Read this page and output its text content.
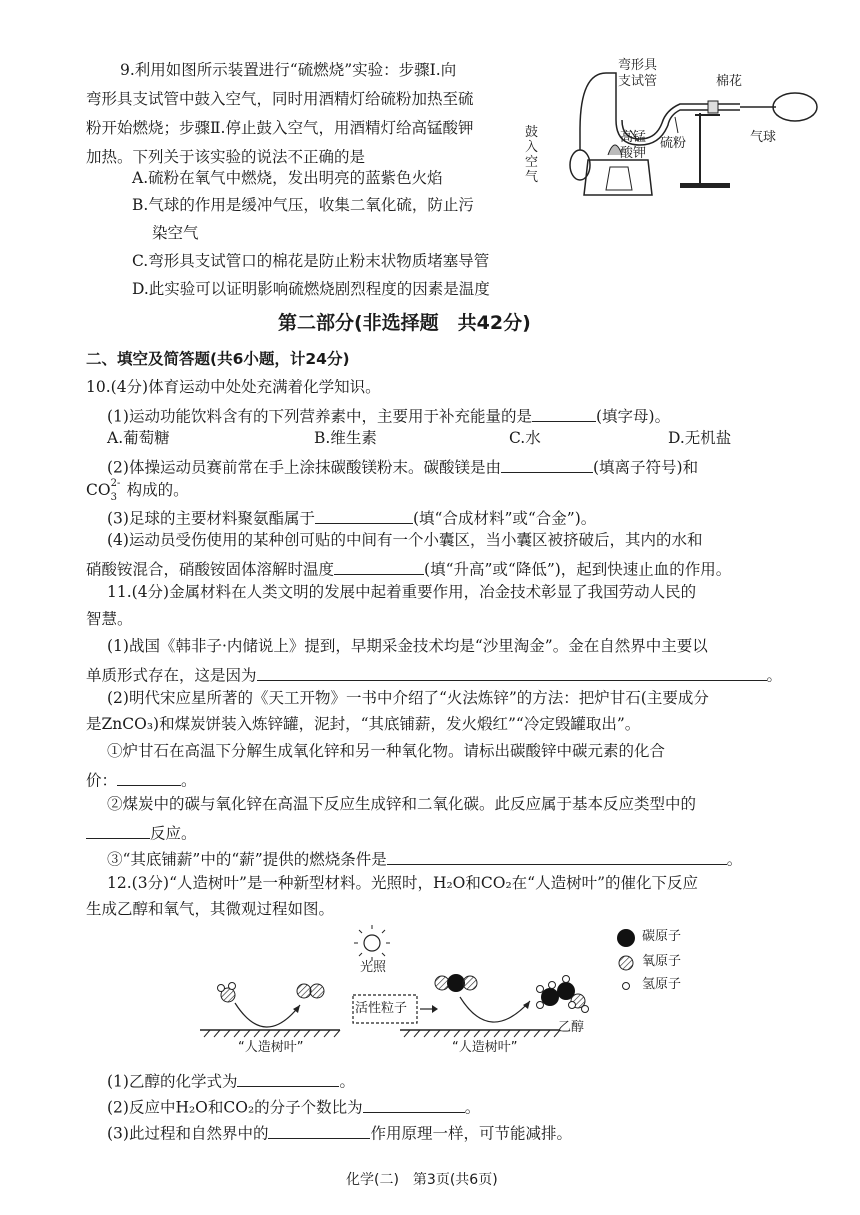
9.利用如图所示装置进行“硫燃烧”实验：步骤Ⅰ.向
弯形具支试管中鼓入空气，同时用酒精灯给硫粉加热至硫
粉开始燃烧；步骤Ⅱ.停止鼓入空气，用酒精灯给高锰酸钾
加热。下列关于该实验的说法不正确的是
A.硫粉在氧气中燃烧，发出明亮的蓝紫色火焰
B.气球的作用是缓冲气压，收集二氧化硫，防止污
染空气
C.弯形具支试管口的棉花是防止粉末状物质堵塞导管
D.此实验可以证明影响硫燃烧剧烈程度的因素是温度
弯形具
支试管	棉花
气球
高锰
酸钾
硫粉
鼓入空气
第二部分(非选择题　共42分)
二、填空及简答题(共6小题，计24分)
10.(4分)体育运动中处处充满着化学知识。
(1)运动功能饮料含有的下列营养素中，主要用于补充能量的是	(填字母)。
A.葡萄糖	B.维生素	C.水	D.无机盐
(2)体操运动员赛前常在手上涂抹碳酸镁粉末。碳酸镁是由	(填离子符号)和
CO 2-
3 构成的。
(3)足球的主要材料聚氨酯属于	(填“合成材料”或“合金”)。
(4)运动员受伤使用的某种创可贴的中间有一个小囊区，当小囊区被挤破后，其内的水和
硝酸铵混合，硝酸铵固体溶解时温度	(填“升高”或“降低”)，起到快速止血的作用。
11.(4分)金属材料在人类文明的发展中起着重要作用，冶金技术彰显了我国劳动人民的
智慧。
(1)战国《韩非子·内储说上》提到，早期采金技术均是“沙里淘金”。金在自然界中主要以
单质形式存在，这是因为	。
(2)明代宋应星所著的《天工开物》一书中介绍了“火法炼锌”的方法：把炉甘石(主要成分
是ZnCO₃)和煤炭饼装入炼锌罐，泥封，“其底铺薪，发火煅红”“冷定毁罐取出”。
①炉甘石在高温下分解生成氧化锌和另一种氧化物。请标出碳酸锌中碳元素的化合
价：	。
②煤炭中的碳与氧化锌在高温下反应生成锌和二氧化碳。此反应属于基本反应类型中的
反应。
③“其底铺薪”中的“薪”提供的燃烧条件是	。
12.(3分)“人造树叶”是一种新型材料。光照时，H₂O和CO₂在“人造树叶”的催化下反应
生成乙醇和氧气，其微观过程如图。
光照
活性粒子
“人造树叶”	“人造树叶”
乙醇
碳原子
氧原子
氢原子
(1)乙醇的化学式为	。
(2)反应中H₂O和CO₂的分子个数比为	。
(3)此过程和自然界中的	作用原理一样，可节能减排。
化学(二)　第3页(共6页)
